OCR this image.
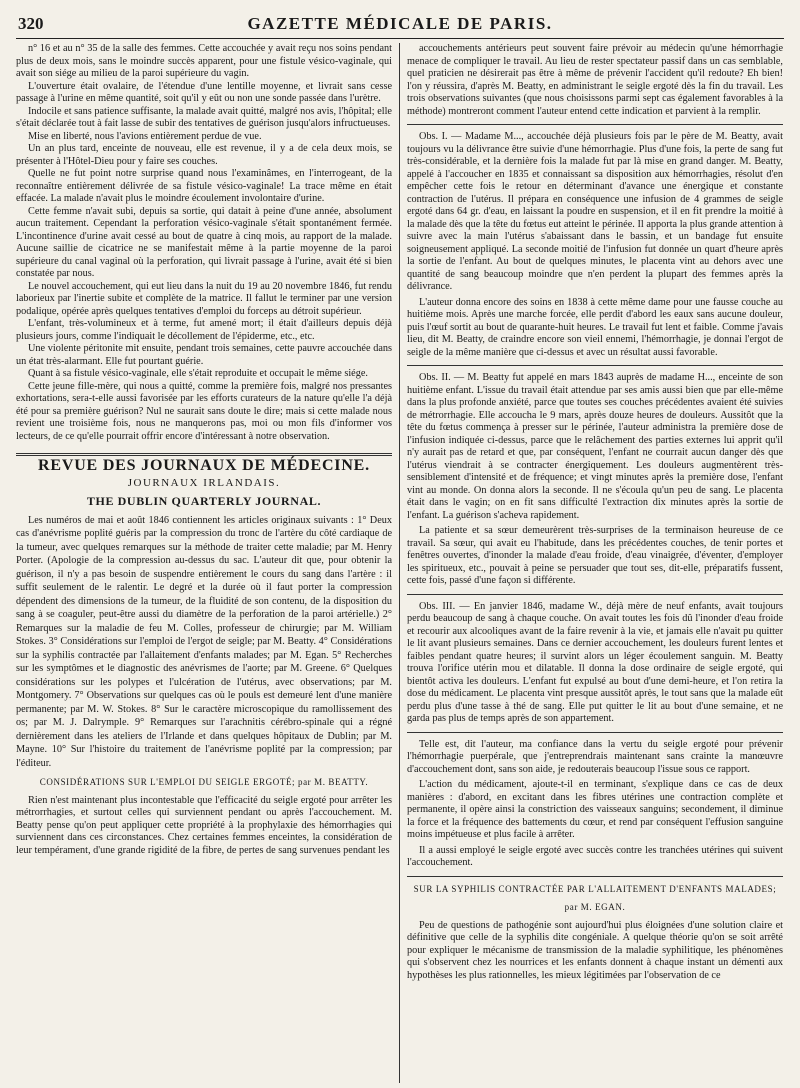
320	GAZETTE MÉDICALE DE PARIS.

n° 16 et au n° 35 de la salle des femmes. Cette accouchée y avait reçu nos soins pendant plus de deux mois, sans le moindre succès apparent, pour une fistule vésico-vaginale, qui avait son siége au milieu de la paroi supérieure du vagin.

L'ouverture était ovalaire, de l'étendue d'une lentille moyenne, et livrait sans cesse passage à l'urine en même quantité, soit qu'il y eût ou non une sonde passée dans l'urètre.

Indocile et sans patience suffisante, la malade avait quitté, malgré nos avis, l'hôpital; elle s'était déclarée tout à fait lasse de subir des tentatives de guérison jusqu'alors infructueuses.

Mise en liberté, nous l'avions entièrement perdue de vue.

Un an plus tard, enceinte de nouveau, elle est revenue, il y a de cela deux mois, se présenter à l'Hôtel-Dieu pour y faire ses couches.

Quelle ne fut point notre surprise quand nous l'examinâmes, en l'interrogeant, de la reconnaître entièrement délivrée de sa fistule vésico-vaginale! La trace même en était effacée. La malade n'avait plus le moindre écoulement involontaire d'urine.

Cette femme n'avait subi, depuis sa sortie, qui datait à peine d'une année, absolument aucun traitement. Cependant la perforation vésico-vaginale s'était spontanément fermée. L'incontinence d'urine avait cessé au bout de quatre à cinq mois, au rapport de la malade. Aucune saillie de cicatrice ne se manifestait même à la partie moyenne de la paroi supérieure du canal vaginal où la perforation, qui livrait passage à l'urine, avait été si bien constatée par nous.

Le nouvel accouchement, qui eut lieu dans la nuit du 19 au 20 novembre 1846, fut rendu laborieux par l'inertie subite et complète de la matrice. Il fallut le terminer par une version podalique, opérée après quelques tentatives d'emploi du forceps au détroit supérieur.

L'enfant, très-volumineux et à terme, fut amené mort; il était d'ailleurs depuis déjà plusieurs jours, comme l'indiquait le décollement de l'épiderme, etc., etc.

Une violente péritonite mit ensuite, pendant trois semaines, cette pauvre accouchée dans un état très-alarmant. Elle fut pourtant guérie.

Quant à sa fistule vésico-vaginale, elle s'était reproduite et occupait le même siége.

Cette jeune fille-mère, qui nous a quitté, comme la première fois, malgré nos pressantes exhortations, sera-t-elle aussi favorisée par les efforts curateurs de la nature qu'elle l'a déjà été pour sa première guérison? Nul ne saurait sans doute le dire; mais si cette malade nous revient une troisième fois, nous ne manquerons pas, moi ou mon fils d'informer vos lecteurs, de ce qu'elle pourrait offrir encore d'intéressant à notre observation.

REVUE DES JOURNAUX DE MÉDECINE.
JOURNAUX IRLANDAIS.
THE DUBLIN QUARTERLY JOURNAL.

Les numéros de mai et août 1846 contiennent les articles originaux suivants : 1° Deux cas d'anévrisme poplité guéris par la compression du tronc de l'artère du côté cardiaque de la tumeur, avec quelques remarques sur la méthode de traiter cette maladie; par M. Henry Porter. (Apologie de la compression au-dessus du sac. L'auteur dit que, pour obtenir la guérison, il n'y a pas besoin de suspendre entièrement le cours du sang dans l'artère : il suffit seulement de le ralentir. Le degré et la durée où il faut porter la compression dépendent des dimensions de la tumeur, de la fluidité de son contenu, de la disposition du sang à se coaguler, peut-être aussi du diamètre de la perforation de la paroi artérielle.) 2° Remarques sur la maladie de feu M. Colles, professeur de chirurgie; par M. William Stokes. 3° Considérations sur l'emploi de l'ergot de seigle; par M. Beatty. 4° Considérations sur la syphilis contractée par l'allaitement d'enfants malades; par M. Egan. 5° Recherches sur les symptômes et le diagnostic des anévrismes de l'aorte; par M. Greene. 6° Quelques considérations sur les polypes et l'ulcération de l'utérus, avec observations; par M. Montgomery. 7° Observations sur quelques cas où le pouls est demeuré lent d'une manière permanente; par M. W. Stokes. 8° Sur le caractère microscopique du ramollissement des os; par M. J. Dalrymple. 9° Remarques sur l'arachnitis cérébro-spinale qui a régné dernièrement dans les ateliers de l'Irlande et dans quelques hôpitaux de Dublin; par M. Mayne. 10° Sur l'histoire du traitement de l'anévrisme poplité par la compression; par l'éditeur.

CONSIDÉRATIONS SUR L'EMPLOI DU SEIGLE ERGOTÉ; par M. BEATTY.

Rien n'est maintenant plus incontestable que l'efficacité du seigle ergoté pour arrêter les métrorrhagies, et surtout celles qui surviennent pendant ou après l'accouchement. M. Beatty pense qu'on peut appliquer cette propriété à la prophylaxie des hémorrhagies qui surviennent dans ces circonstances. Chez certaines femmes enceintes, la considération de leur tempérament, d'une grande rigidité de la fibre, de pertes de sang survenues pendant les

accouchements antérieurs peut souvent faire prévoir au médecin qu'une hémorrhagie menace de compliquer le travail. Au lieu de rester spectateur passif dans un cas semblable, quel praticien ne désirerait pas être à même de prévenir l'accident qu'il redoute? Eh bien! l'on y réussira, d'après M. Beatty, en administrant le seigle ergoté dès la fin du travail. Les trois observations suivantes (que nous choisissons parmi sept cas également favorables à la méthode) montreront comment l'auteur entend cette indication et parvient à la remplir.

Obs. I. — Madame M..., accouchée déjà plusieurs fois par le père de M. Beatty, avait toujours vu la délivrance être suivie d'une hémorrhagie. Plus d'une fois, la perte de sang fut très-considérable, et la dernière fois la malade fut par là mise en grand danger. M. Beatty, appelé à l'accoucher en 1835 et connaissant sa disposition aux hémorrhagies, résolut d'en empêcher cette fois le retour en déterminant d'avance une énergique et constante contraction de l'utérus. Il prépara en conséquence une infusion de 4 grammes de seigle ergoté dans 64 gr. d'eau, en laissant la poudre en suspension, et il en fit prendre la moitié à la malade dès que la tête du fœtus eut atteint le périnée. Il apporta la plus grande attention à suivre avec la main l'utérus s'abaissant dans le bassin, et un bandage fut ensuite soigneusement appliqué. La seconde moitié de l'infusion fut donnée un quart d'heure après la sortie de l'enfant. Au bout de quelques minutes, le placenta vint au dehors avec une quantité de sang beaucoup moindre que n'en perdent la plupart des femmes après la délivrance.

L'auteur donna encore des soins en 1838 à cette même dame pour une fausse couche au huitième mois. Après une marche forcée, elle perdit d'abord les eaux sans aucune douleur, puis l'œuf sortit au bout de quarante-huit heures. Le travail fut lent et faible. Comme j'avais lieu, dit M. Beatty, de craindre encore son vieil ennemi, l'hémorrhagie, je donnai l'ergot de seigle de la même manière que ci-dessus et avec un résultat aussi favorable.

Obs. II. — M. Beatty fut appelé en mars 1843 auprès de madame H..., enceinte de son huitième enfant. L'issue du travail était attendue par ses amis aussi bien que par elle-même dans la plus profonde anxiété, parce que toutes ses couches précédentes avaient été suivies de métrorrhagie. Elle accoucha le 9 mars, après douze heures de douleurs. Aussitôt que la tête du fœtus commença à presser sur le périnée, l'auteur administra la première dose de l'infusion indiquée ci-dessus, parce que le relâchement des parties externes lui apprit qu'il n'y aurait pas de retard et que, par conséquent, l'enfant ne courrait aucun danger dès que l'utérus viendrait à se contracter énergiquement. Les douleurs augmentèrent très-sensiblement d'intensité et de fréquence; et vingt minutes après la première dose, l'enfant vint au monde. On donna alors la seconde. Il ne s'écoula qu'un peu de sang. Le placenta était dans le vagin; on en fit sans difficulté l'extraction dix minutes après la sortie de l'enfant. La guérison s'acheva rapidement.

La patiente et sa sœur demeurèrent très-surprises de la terminaison heureuse de ce travail. Sa sœur, qui avait eu l'habitude, dans les précédentes couches, de tenir portes et fenêtres ouvertes, d'inonder la malade d'eau froide, d'eau vinaigrée, d'éventer, d'employer les spiritueux, etc., pouvait à peine se persuader que tout ses, dit-elle, préparatifs fussent, cette fois, passé d'une façon si différente.

Obs. III. — En janvier 1846, madame W., déjà mère de neuf enfants, avait toujours perdu beaucoup de sang à chaque couche. On avait toutes les fois dû l'inonder d'eau froide et recourir aux alcooliques avant de la faire revenir à la vie, et jamais elle n'avait pu quitter le lit avant plusieurs semaines. Dans ce dernier accouchement, les douleurs furent lentes et faibles pendant quatre heures; il survint alors un léger écoulement sanguin. M. Beatty trouva l'orifice utérin mou et dilatable. Il donna la dose ordinaire de seigle ergoté, qui bientôt activa les douleurs. L'enfant fut expulsé au bout d'une demi-heure, et l'on retira la dose du médicament. Le placenta vint presque aussitôt après, le tout sans que la malade eût perdu plus d'une tasse à thé de sang. Elle put quitter le lit au bout d'une semaine, et ne garda pas plus de temps après de son appartement.

Telle est, dit l'auteur, ma confiance dans la vertu du seigle ergoté pour prévenir l'hémorrhagie puerpérale, que j'entreprendrais maintenant sans crainte la manœuvre d'accouchement dont, sans son aide, je redouterais beaucoup l'issue sous ce rapport.

L'action du médicament, ajoute-t-il en terminant, s'explique dans ce cas de deux manières : d'abord, en excitant dans les fibres utérines une contraction complète et permanente, il opère ainsi la constriction des vaisseaux sanguins; secondement, il diminue la force et la fréquence des battements du cœur, et rend par conséquent l'effusion sanguine moins impétueuse et plus facile à arrêter.

Il a aussi employé le seigle ergoté avec succès contre les tranchées utérines qui suivent l'accouchement.

SUR LA SYPHILIS CONTRACTÉE PAR L'ALLAITEMENT D'ENFANTS MALADES;
par M. EGAN.

Peu de questions de pathogénie sont aujourd'hui plus éloignées d'une solution claire et définitive que celle de la syphilis dite congéniale. A quelque théorie qu'on se soit arrêté pour expliquer le mécanisme de transmission de la maladie syphilitique, les phénomènes qui s'observent chez les nourrices et les enfants donnent à chaque instant un démenti aux hypothèses les plus rationnelles, les mieux légitimées par l'observation de ce
